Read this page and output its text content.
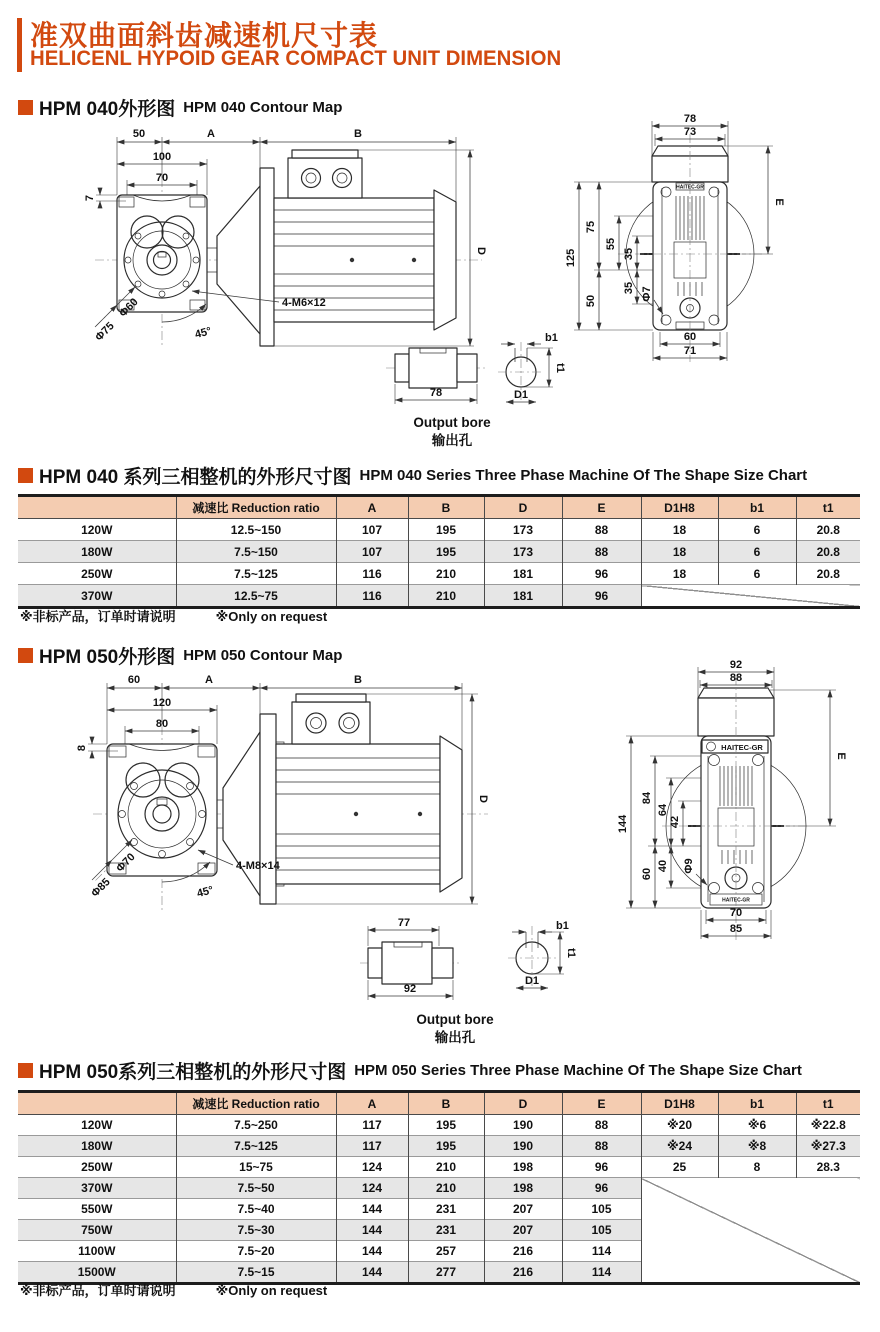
准双曲面斜齿减速机尺寸表
HELICENL HYPOID GEAR COMPACT UNIT DIMENSION
HPM 040外形图 HPM 040 Contour Map
50	A	B
100
70
7
Φ60
Φ75	45°
4-M6×12
D
HAITEC-GR
78
73
E
125
75
50
55
35
35 Φ7
60
71
78
b1
t1
D1
Output bore
输出孔
HPM 040 系列三相整机的外形尺寸图 HPM 040 Series Three Phase Machine Of The Shape Size Chart
	减速比 Reduction ratio	A	B	D	E	D1H8	b1	t1
120W	12.5~150	107	195	173	88	18	6	20.8
180W	7.5~150	107	195	173	88	18	6	20.8
250W	7.5~125	116	210	181	96	18	6	20.8
370W	12.5~75	116	210	181	96			
※非标产品，订单时请说明	※Only on request
HPM 050外形图 HPM 050 Contour Map
60	A	B
120
80
8
Φ70
Φ85	45°
4-M8×14
D
HAITEC-GR
HAITEC-GR
92
88
E
144
84
60
64
42
40 Φ9
70
85
77
92
b1
t1
D1
Output bore
输出孔
HPM 050系列三相整机的外形尺寸图 HPM 050 Series Three Phase Machine Of The Shape Size Chart
	减速比 Reduction ratio	A	B	D	E	D1H8	b1	t1
120W	7.5~250	117	195	190	88	※20	※6	※22.8
180W	7.5~125	117	195	190	88	※24	※8	※27.3
250W	15~75	124	210	198	96	25	8	28.3
370W	7.5~50	124	210	198	96			
550W	7.5~40	144	231	207	105			
750W	7.5~30	144	231	207	105			
1100W	7.5~20	144	257	216	114			
1500W	7.5~15	144	277	216	114			
※非标产品，订单时请说明	※Only on request
